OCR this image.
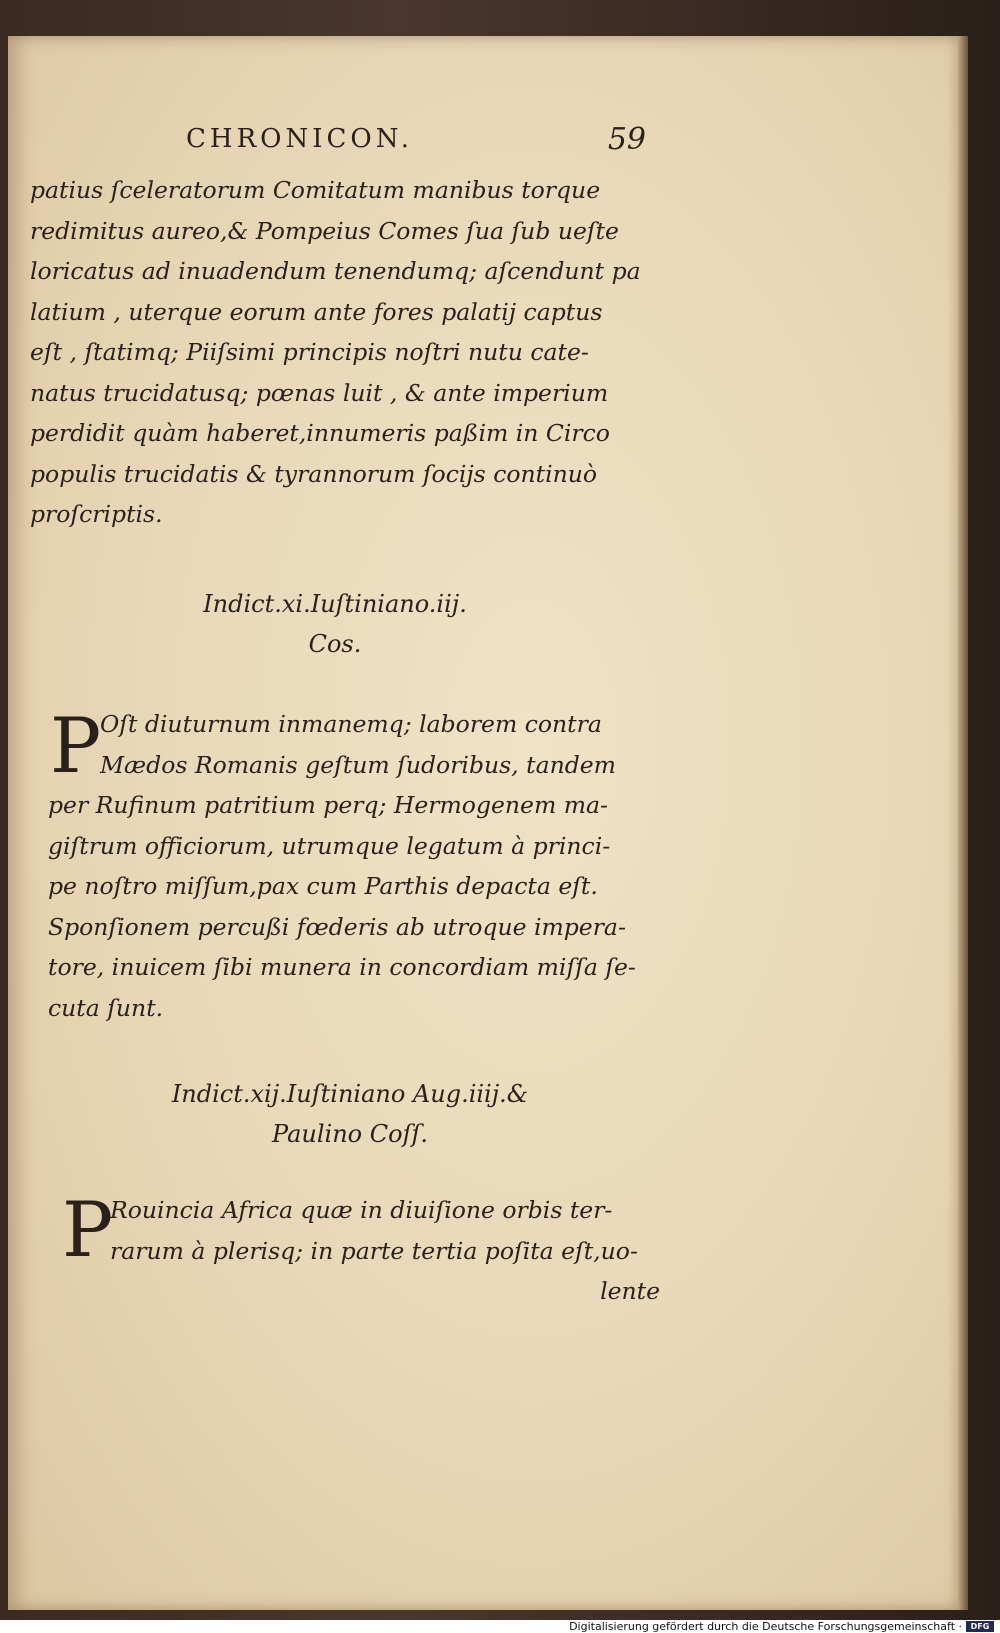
CHRONICON.	59
patius ſceleratorum Comitatum manibus torque
redimitus aureo,& Pompeius Comes ſua ſub ueſte
loricatus ad inuadendum tenendumq; aſcendunt pa
latium , uterque eorum ante fores palatij captus
eſt , ſtatimq; Piiſsimi principis noſtri nutu cate-
natus trucidatusq; pœnas luit , & ante imperium
perdidit quàm haberet,innumeris paßim in Circo
populis trucidatis & tyrannorum ſocijs continuò
proſcriptis.
Indict.xi.Iuſtiniano.iij.
Cos.
P
Oſt diuturnum inmanemq; laborem contra
Mædos Romanis geſtum ſudoribus, tandem
per Rufinum patritium perq; Hermogenem ma-
giſtrum officiorum, utrumque legatum à princi-
pe noſtro miſſum,pax cum Parthis depacta eſt.
Sponſionem percußi fœderis ab utroque impera-
tore, inuicem ſibi munera in concordiam miſſa ſe-
cuta ſunt.
Indict.xij.Iuſtiniano Aug.iiij.&
Paulino Coſſ.
P
Rouincia Africa quæ in diuiſione orbis ter-
rarum à plerisq; in parte tertia poſita eſt,uo-
lente
Digitalisierung gefördert durch die Deutsche Forschungsgemeinschaft ·	DFG
